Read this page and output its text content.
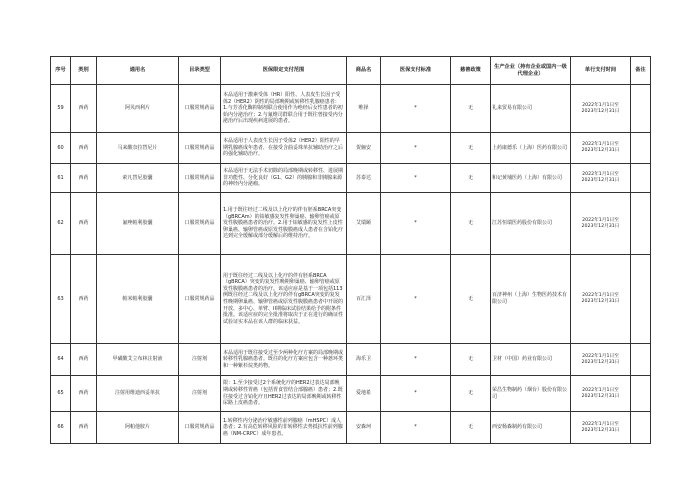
序号	类别	通用名	目录类型	医保限定支付范围	商品名	医保支付标准	慈善政策	生产企业（持有企业或国内一级代理企业）	单行支付时间	备注
59	西药	阿贝西利片	口服常规药品	本品适用于激素受体（HR）阳性、人表皮生长因子受体2（HER2）阴性的局部晚期或转移性乳腺癌患者：1.与芳香化酶抑制剂联合使用作为绝经后女性患者的初始内分泌治疗；2.与氟维司群联合用于既往曾接受内分泌治疗后出现疾病进展的患者。	唯择	*	无	礼来贸易有限公司	2022年1月1日至
2023年12月31日	

60	西药	马来酸奈拉替尼片	口服常规药品	本品适用于人表皮生长因子受体2（HER2）阳性的早期乳腺癌成年患者，在接受含曲妥珠单抗辅助治疗之后的强化辅助治疗。	贺俪安	*	无	上药康德乐（上海）医药有限公司	2022年1月1日至
2023年12月31日	

61	西药	索凡替尼胶囊	口服常规药品	本品适用于无法手术切除的局部晚期或转移性、进展期非功能性、分化良好（G1、G2）的胰腺和非胰腺来源的神经内分泌瘤。	苏泰达	*	无	和记黄埔医药（上海）有限公司	2022年1月1日至
2023年12月31日	

62	西药	氟唑帕利胶囊	口服常规药品	1.用于既往经过二线及以上化疗的伴有胚系BRCA突变（gBRCAm）的铂敏感复发性卵巢癌、输卵管癌或原发性腹膜癌患者的治疗。2.用于铂敏感的复发性上皮性卵巢癌、输卵管癌或原发性腹膜癌成人患者在含铂化疗达到完全缓解或部分缓解后的维持治疗。	艾瑞颐	*	无	江苏恒瑞医药股份有限公司	2022年1月1日至
2023年12月31日	

63	西药	帕米帕利胶囊	口服常规药品	用于既往经过二线及以上化疗的伴有胚系BRCA（gBRCA）突变的复发性晚期卵巢癌、输卵管癌或原发性腹膜癌患者的治疗。该适应症是基于一项包括113例既往经过二线及以上化疗的伴有gBRCA突变的复发性晚期卵巢癌、输卵管癌或原发性腹膜癌患者中开展的开放、多中心、单臂、II期临床试验结果给予的附条件批准。该适应症的完全批准将取决于正在进行的确证性试验证实本品在该人群的临床获益。	百汇泽	*	无	百济神州（上海）生物医药技术有限公司	2022年1月1日至
2023年12月31日	

64	西药	甲磺酸艾立布林注射液	注射剂	本品适用于既往接受过至少两种化疗方案的局部晚期或转移性乳腺癌患者。既往的化疗方案应包含一种蒽环类和一种紫杉烷类药物。	海乐卫	*	无	卫材（中国）药业有限公司	2022年1月1日至
2023年12月31日	

65	西药	注射用维迪西妥单抗	注射剂	限：1.至少接受过2个系统化疗的HER2过表达局部晚期或转移性胃癌（包括胃食管结合部腺癌）患者；2.既往接受过含铂化疗且HER2过表达的局部晚期或转移性尿路上皮癌患者。	爱地希	*	无	荣昌生物制药（烟台）股份有限公司	2022年1月1日至
2023年12月31日	

66	西药	阿帕他胺片	口服常规药品	1.转移性内分泌治疗敏感性前列腺癌（mHSPC）成人患者；2.有高危转移风险的非转移性去势抵抗性前列腺癌（NM-CRPC）成年患者。	安森珂	*	无	西安杨森制药有限公司	2022年1月1日至
2023年12月31日	
